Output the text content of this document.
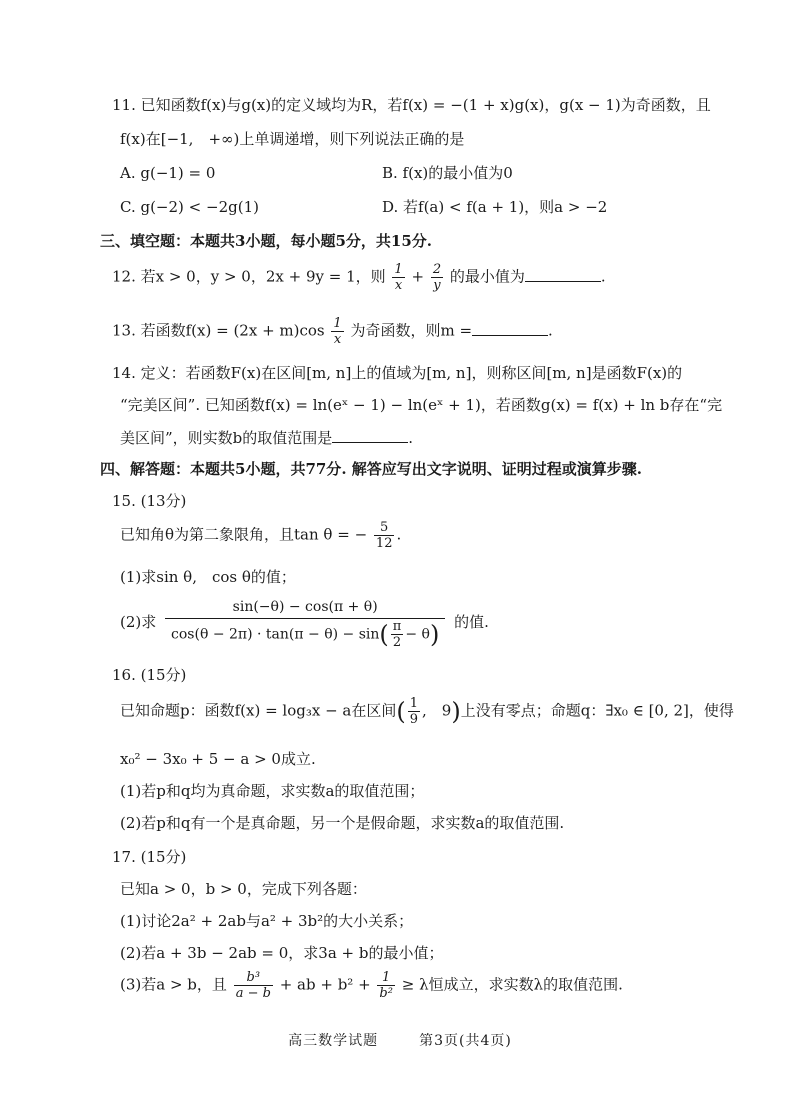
11. 已知函数f(x)与g(x)的定义域均为R，若f(x) = −(1 + x)g(x)，g(x − 1)为奇函数，且
f(x)在[−1,　+∞)上单调递增，则下列说法正确的是
A. g(−1) = 0	B. f(x)的最小值为0
C. g(−2) < −2g(1)	D. 若f(a) < f(a + 1)，则a > −2
三、填空题：本题共3小题，每小题5分，共15分.
12. 若x > 0，y > 0，2x + 9y = 1，则 $\frac{1}{x} + \frac{2}{y}$ 的最小值为	.
13. 若函数$f(x) = (2x + m)\cos \frac{1}{x}$ 为奇函数，则m =	.
14. 定义：若函数F(x)在区间[m, n]上的值域为[m, n]，则称区间[m, n]是函数F(x)的
“完美区间”. 已知函数f(x) = ln(eˣ − 1) − ln(eˣ + 1)，若函数g(x) = f(x) + ln b存在“完
美区间”，则实数b的取值范围是	.
四、解答题：本题共5小题，共77分. 解答应写出文字说明、证明过程或演算步骤.
15. (13分)
已知角θ为第二象限角，且tan θ = − $\frac{5}{12}$ .
(1)求sin θ,　cos θ的值；
(2)求 $\frac{\sin(-\theta) - \cos(\pi + \theta)}{\cos(\theta - 2\pi) \cdot \tan(\pi - \theta) - \sin( \frac{\pi}{2} - \theta)}$ 的值.
16. (15分)
已知命题p：函数f(x) = log₃x − a在区间( $\frac{1}{9}$ ,　9)上没有零点；命题q：∃x₀ ∈ [0, 2]，使得
x₀² − 3x₀ + 5 − a > 0成立.
(1)若p和q均为真命题，求实数a的取值范围；
(2)若p和q有一个是真命题，另一个是假命题，求实数a的取值范围.
17. (15分)
已知a > 0，b > 0，完成下列各题：
(1)讨论2a² + 2ab与a² + 3b²的大小关系；
(2)若a + 3b − 2ab = 0，求3a + b的最小值；
(3)若a > b，且 $\frac{\text{b³}}{a - b}$ + ab + $b^2 + \frac{1}{\text{b²}} \ge \lambda$恒成立，求实数λ的取值范围.
高三数学试题	第3页(共4页)
